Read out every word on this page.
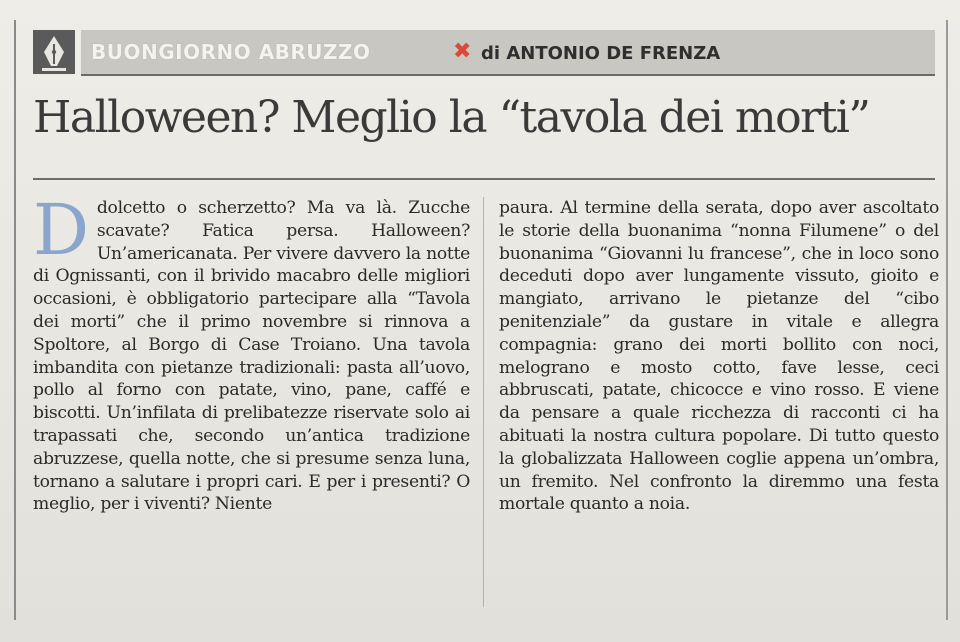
BUONGIORNO ABRUZZO	✖ di ANTONIO DE FRENZA
Halloween? Meglio la “tavola dei morti”
D dolcetto o scherzetto? Ma va là. Zucche scavate? Fatica persa. Halloween? Un’americanata. Per vivere davvero la notte di Ognissanti, con il brivido macabro delle migliori occasioni, è obbligatorio partecipare alla “Tavola dei morti” che il primo novembre si rinnova a Spoltore, al Borgo di Case Troiano. Una tavola imbandita con pietanze tradizionali: pasta all’uovo, pollo al forno con patate, vino, pane, caffé e biscotti. Un’infilata di prelibatezze riservate solo ai trapassati che, secondo un’antica tradizione abruzzese, quella notte, che si presume senza luna, tornano a salutare i propri cari. E per i presenti? O meglio, per i viventi? Niente

paura. Al termine della serata, dopo aver ascoltato le storie della buonanima “nonna Filumene” o del buonanima “Giovanni lu francese”, che in loco sono deceduti dopo aver lungamente vissuto, gioito e mangiato, arrivano le pietanze del “cibo penitenziale” da gustare in vitale e allegra compagnia: grano dei morti bollito con noci, melograno e mosto cotto, fave lesse, ceci abbruscati, patate, chicocce e vino rosso. E viene da pensare a quale ricchezza di racconti ci ha abituati la nostra cultura popolare. Di tutto questo la globalizzata Halloween coglie appena un’ombra, un fremito. Nel confronto la diremmo una festa mortale quanto a noia.
